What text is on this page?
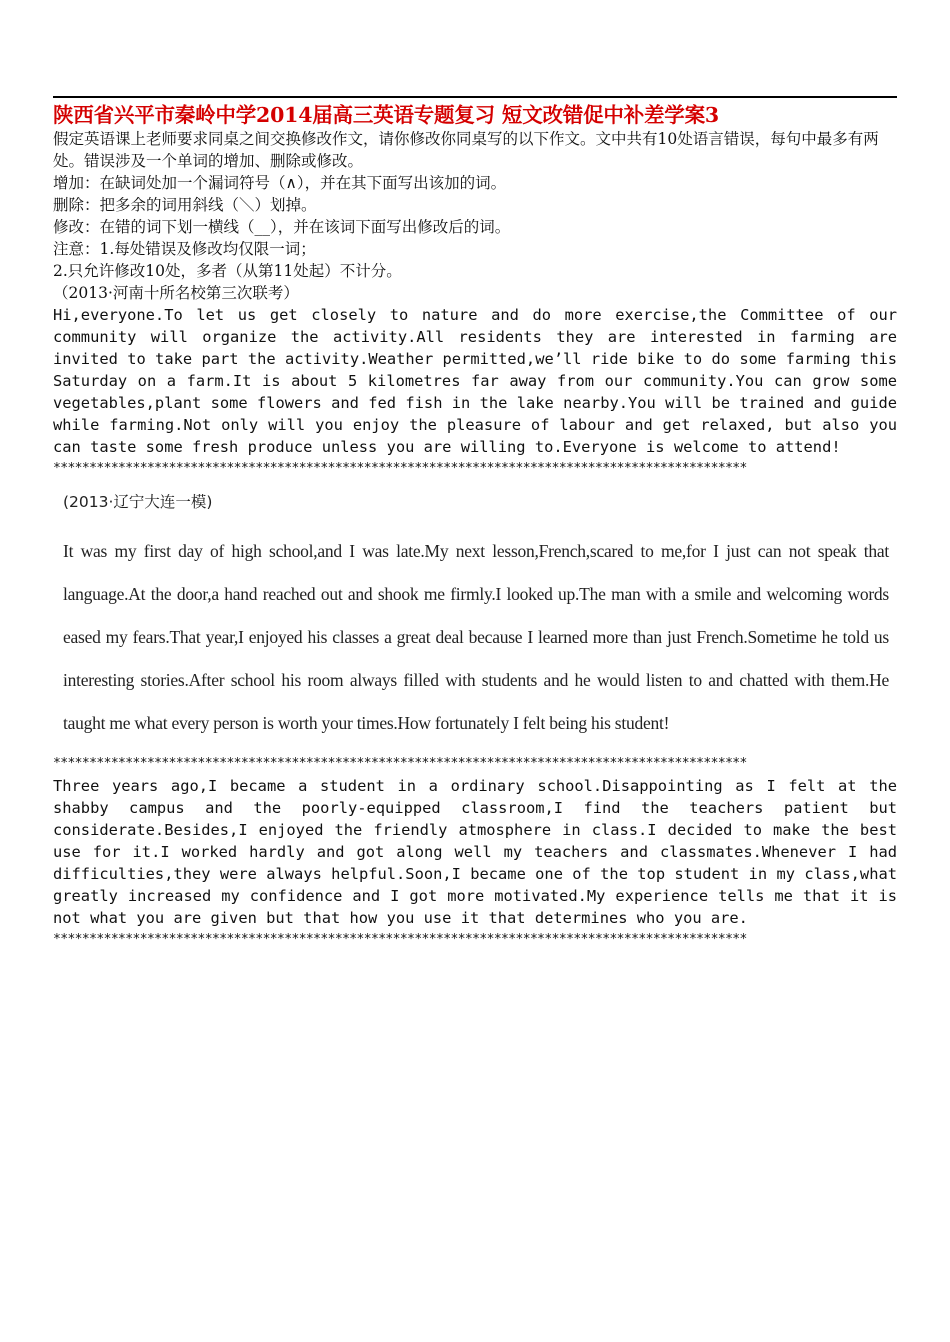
陕西省兴平市秦岭中学2014届高三英语专题复习 短文改错促中补差学案3

假定英语课上老师要求同桌之间交换修改作文，请你修改你同桌写的以下作文。文中共有10处语言错误，每句中最多有两处。错误涉及一个单词的增加、删除或修改。

增加：在缺词处加一个漏词符号（∧），并在其下面写出该加的词。

删除：把多余的词用斜线（＼）划掉。

修改：在错的词下划一横线（__），并在该词下面写出修改后的词。

注意：1.每处错误及修改均仅限一词；

2.只允许修改10处，多者（从第11处起）不计分。

（2013·河南十所名校第三次联考）

Hi,everyone.To let us get closely to nature and do more exercise,the Committee of our community will organize the activity.All residents they are interested in farming are invited to take part the activity.Weather permitted,we’ll ride bike to do some farming this Saturday on a farm.It is about 5 kilometres far away from our community.You can grow some vegetables,plant some flowers and fed fish in the lake nearby.You will be trained and guide while farming.Not only will you enjoy the pleasure of labour and get relaxed, but also you can taste some fresh produce unless you are willing to.Everyone is welcome to attend!

************************************************************************************************
(2013·辽宁大连一模)
It was my first day of high school,and I was late.My next lesson,French,scared to me,for I just can not speak that language.At the door,a hand reached out and shook me firmly.I looked up.The man with a smile and welcoming words eased my fears.That year,I enjoyed his classes a great deal because I learned more than just French.Sometime he told us interesting stories.After school his room always filled with students and he would listen to and chatted with them.He taught me what every person is worth your times.How fortunately I felt being his student!
************************************************************************************************

Three years ago,I became a student in a ordinary school.Disappointing as I felt at the shabby campus and the poorly-equipped classroom,I find the teachers patient but considerate.Besides,I enjoyed the friendly atmosphere in class.I decided to make the best use for it.I worked hardly and got along well my teachers and classmates.Whenever I had difficulties,they were always helpful.Soon,I became one of the top student in my class,what greatly increased my confidence and I got more motivated.My experience tells me that it is not what you are given but that how you use it that determines who you are.

************************************************************************************************
